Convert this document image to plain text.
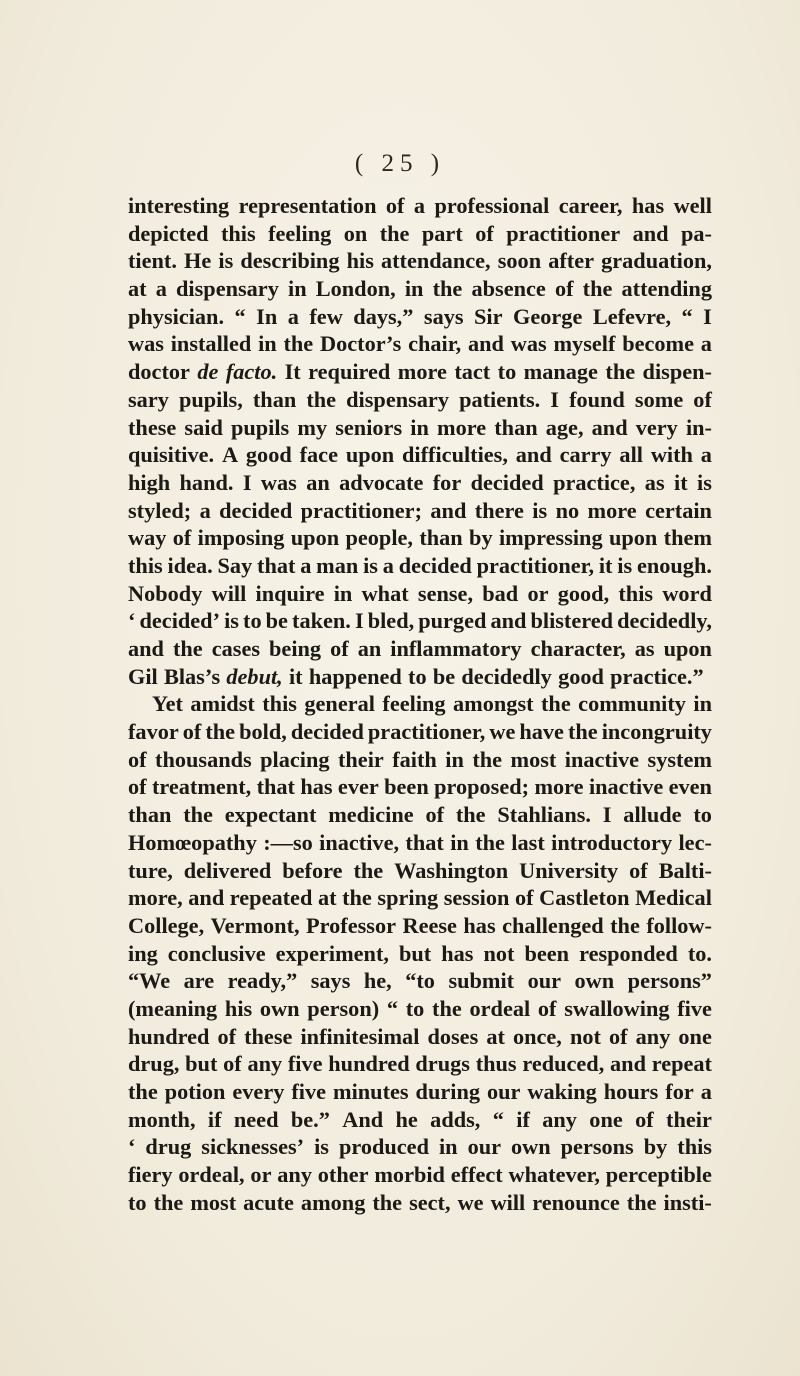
( 25 )
interesting representation of a professional career, has well
depicted this feeling on the part of practitioner and pa-
tient. He is describing his attendance, soon after graduation,
at a dispensary in London, in the absence of the attending
physician. “ In a few days,” says Sir George Lefevre, “ I
was installed in the Doctor’s chair, and was myself become a
doctor de facto. It required more tact to manage the dispen-
sary pupils, than the dispensary patients. I found some of
these said pupils my seniors in more than age, and very in-
quisitive. A good face upon difficulties, and carry all with a
high hand. I was an advocate for decided practice, as it is
styled; a decided practitioner; and there is no more certain
way of imposing upon people, than by impressing upon them
this idea. Say that a man is a decided practitioner, it is enough.
Nobody will inquire in what sense, bad or good, this word
‘ decided’ is to be taken. I bled, purged and blistered decidedly,
and the cases being of an inflammatory character, as upon
Gil Blas’s debut, it happened to be decidedly good practice.”
Yet amidst this general feeling amongst the community in
favor of the bold, decided practitioner, we have the incongruity
of thousands placing their faith in the most inactive system
of treatment, that has ever been proposed; more inactive even
than the expectant medicine of the Stahlians. I allude to
Homœopathy :—so inactive, that in the last introductory lec-
ture, delivered before the Washington University of Balti-
more, and repeated at the spring session of Castleton Medical
College, Vermont, Professor Reese has challenged the follow-
ing conclusive experiment, but has not been responded to.
“We are ready,” says he, “to submit our own persons”
(meaning his own person) “ to the ordeal of swallowing five
hundred of these infinitesimal doses at once, not of any one
drug, but of any five hundred drugs thus reduced, and repeat
the potion every five minutes during our waking hours for a
month, if need be.” And he adds, “ if any one of their
‘ drug sicknesses’ is produced in our own persons by this
fiery ordeal, or any other morbid effect whatever, perceptible
to the most acute among the sect, we will renounce the insti-
